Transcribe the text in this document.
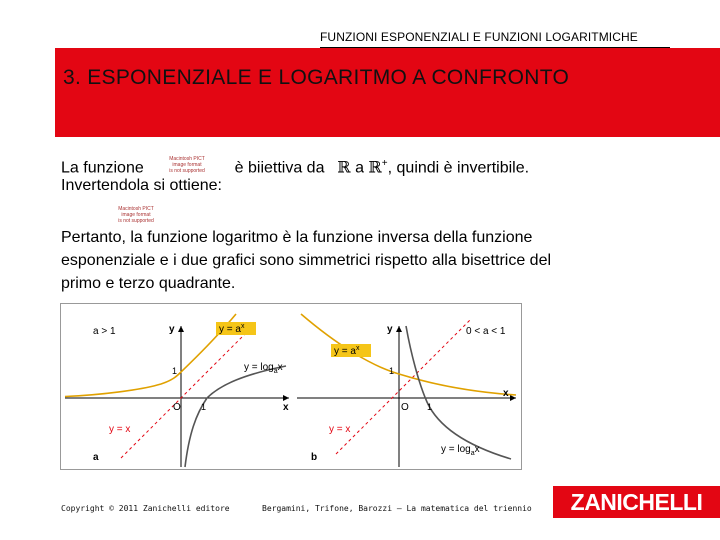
FUNZIONI ESPONENZIALI E FUNZIONI LOGARITMICHE
3. ESPONENZIALE E LOGARITMO A CONFRONTO
La funzione	è biiettiva da ℝ a ℝ+, quindi è invertibile.
Invertendola si ottiene:
Macintosh PICT
image format
is not supported
Macintosh PICT
image format
is not supported
Pertanto, la funzione logaritmo è la funzione inversa della funzione
esponenziale e i due grafici sono simmetrici rispetto alla bisettrice del
primo e terzo quadrante.
a > 1	y
x
O 1
1
$y = a^x$
$y = \log_ax$
y = x
a
0 < a < 1
y
x
O 1
1
$y = a^x$
$y = \log_ax$
y = x
b
Copyright © 2011 Zanichelli editore	Bergamini, Trifone, Barozzi – La matematica del triennio	ZANICHELLI
